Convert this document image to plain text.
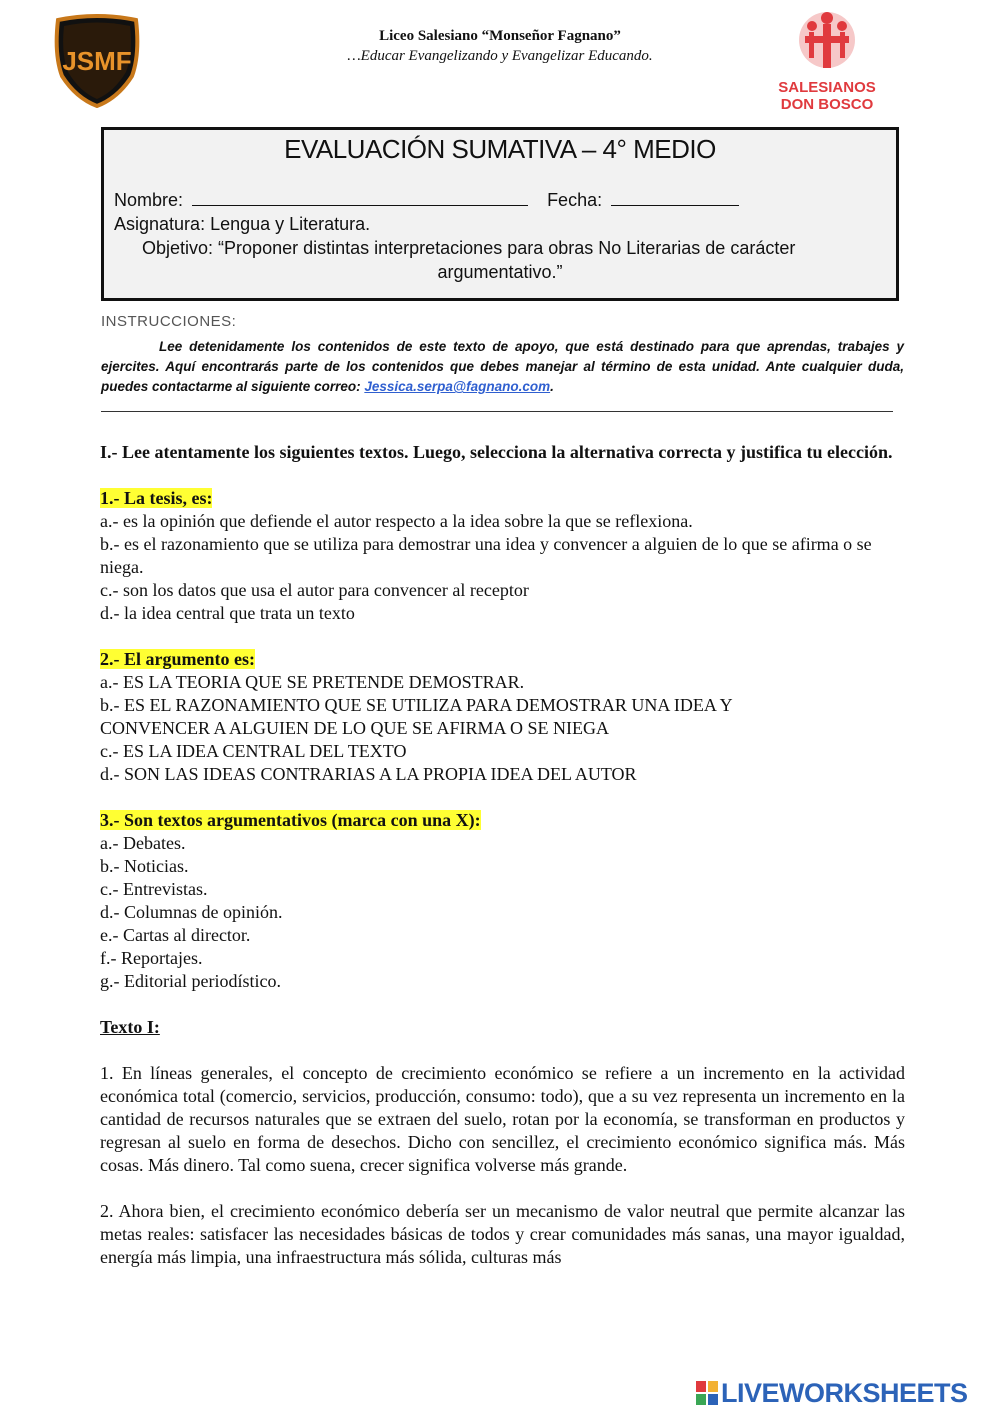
Liceo Salesiano “Monseñor Fagnano”
…Educar Evangelizando y Evangelizar Educando.
JSMF
SALESIANOS
DON BOSCO
EVALUACIÓN SUMATIVA – 4° MEDIO
Nombre:	Fecha:
Asignatura: Lengua y Literatura.
Objetivo: “Proponer distintas interpretaciones para obras No Literarias de carácter
argumentativo.”
INSTRUCCIONES:
Lee detenidamente los contenidos de este texto de apoyo, que está destinado para que aprendas, trabajes y ejercites. Aquí encontrarás parte de los contenidos que debes manejar al término de esta unidad. Ante cualquier duda, puedes contactarme al siguiente correo: Jessica.serpa@fagnano.com.

I.- Lee atentamente los siguientes textos. Luego, selecciona la alternativa correcta y justifica tu elección.

1.- La tesis, es:

a.- es la opinión que defiende el autor respecto a la idea sobre la que se reflexiona.

b.- es el razonamiento que se utiliza para demostrar una idea y convencer a alguien de lo que se afirma o se niega.

c.- son los datos que usa el autor para convencer al receptor

d.- la idea central que trata un texto

2.- El argumento es:

a.- ES LA TEORIA QUE SE PRETENDE DEMOSTRAR.

b.- ES EL RAZONAMIENTO QUE SE UTILIZA PARA DEMOSTRAR UNA IDEA Y CONVENCER A ALGUIEN DE LO QUE SE AFIRMA O SE NIEGA

c.- ES LA IDEA CENTRAL DEL TEXTO

d.- SON LAS IDEAS CONTRARIAS A LA PROPIA IDEA DEL AUTOR

3.- Son textos argumentativos (marca con una X):

a.- Debates.

b.- Noticias.

c.- Entrevistas.

d.- Columnas de opinión.

e.- Cartas al director.

f.- Reportajes.

g.- Editorial periodístico.

Texto I:

1. En líneas generales, el concepto de crecimiento económico se refiere a un incremento en la actividad económica total (comercio, servicios, producción, consumo: todo), que a su vez representa un incremento en la cantidad de recursos naturales que se extraen del suelo, rotan por la economía, se transforman en productos y regresan al suelo en forma de desechos. Dicho con sencillez, el crecimiento económico significa más. Más cosas. Más dinero. Tal como suena, crecer significa volverse más grande.

2. Ahora bien, el crecimiento económico debería ser un mecanismo de valor neutral que permite alcanzar las metas reales: satisfacer las necesidades básicas de todos y crear comunidades más sanas, una mayor igualdad, energía más limpia, una infraestructura más sólida, culturas más

LIVEWORKSHEETS
